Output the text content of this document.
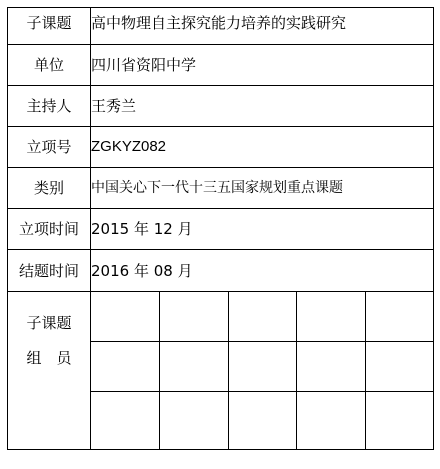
子课题	高中物理自主探究能力培养的实践研究
单位	四川省资阳中学
主持人	王秀兰
立项号	ZGKYZ082
类别	中国关心下一代十三五国家规划重点课题
立项时间 2015 年 12 月
结题时间 2016 年 08 月
子课题
组　员
